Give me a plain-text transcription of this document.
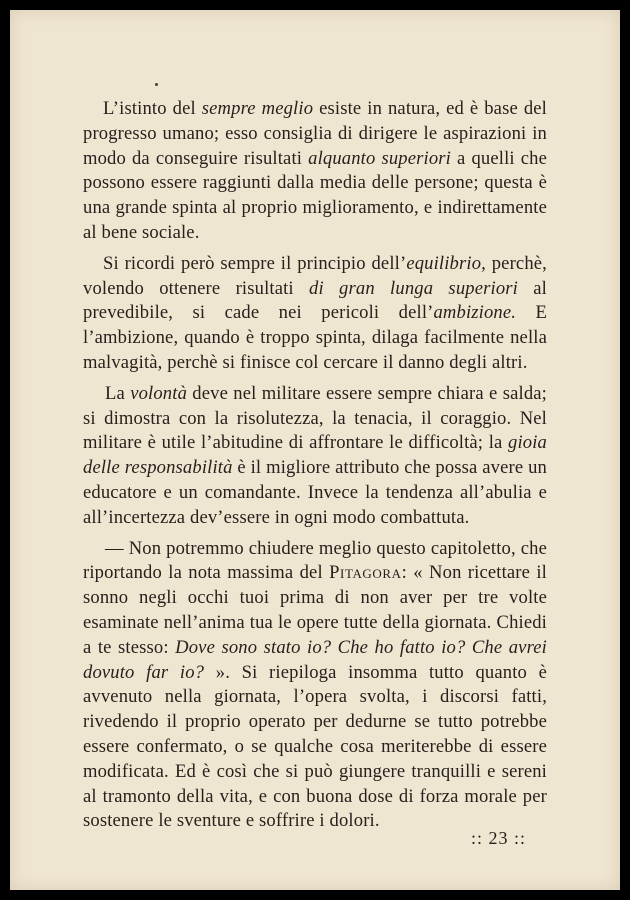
L’istinto del sempre meglio esiste in natura, ed è base del progresso umano; esso consiglia di dirigere le aspirazioni in modo da conseguire risultati alquanto superiori a quelli che possono essere raggiunti dalla media delle persone; questa è una grande spinta al proprio miglioramento, e indirettamente al bene sociale.

Si ricordi però sempre il principio dell’equilibrio, perchè, volendo ottenere risultati di gran lunga superiori al prevedibile, si cade nei pericoli dell’ambizione. E l’ambizione, quando è troppo spinta, dilaga facilmente nella malvagità, perchè si finisce col cercare il danno degli altri.

La volontà deve nel militare essere sempre chiara e salda; si dimostra con la risolutezza, la tenacia, il coraggio. Nel militare è utile l’abitudine di affrontare le difficoltà; la gioia delle responsabilità è il migliore attributo che possa avere un educatore e un comandante. Invece la tendenza all’abulia e all’incertezza dev’essere in ogni modo combattuta.

— Non potremmo chiudere meglio questo capitoletto, che riportando la nota massima del Pitagora: « Non ricettare il sonno negli occhi tuoi prima di non aver per tre volte esaminate nell’anima tua le opere tutte della giornata. Chiedi a te stesso: Dove sono stato io? Che ho fatto io? Che avrei dovuto far io? ». Si riepiloga insomma tutto quanto è avvenuto nella giornata, l’opera svolta, i discorsi fatti, rivedendo il proprio operato per dedurne se tutto potrebbe essere confermato, o se qualche cosa meriterebbe di essere modificata. Ed è così che si può giungere tranquilli e sereni al tramonto della vita, e con buona dose di forza morale per sostenere le sventure e soffrire i dolori.

:: 23 ::
